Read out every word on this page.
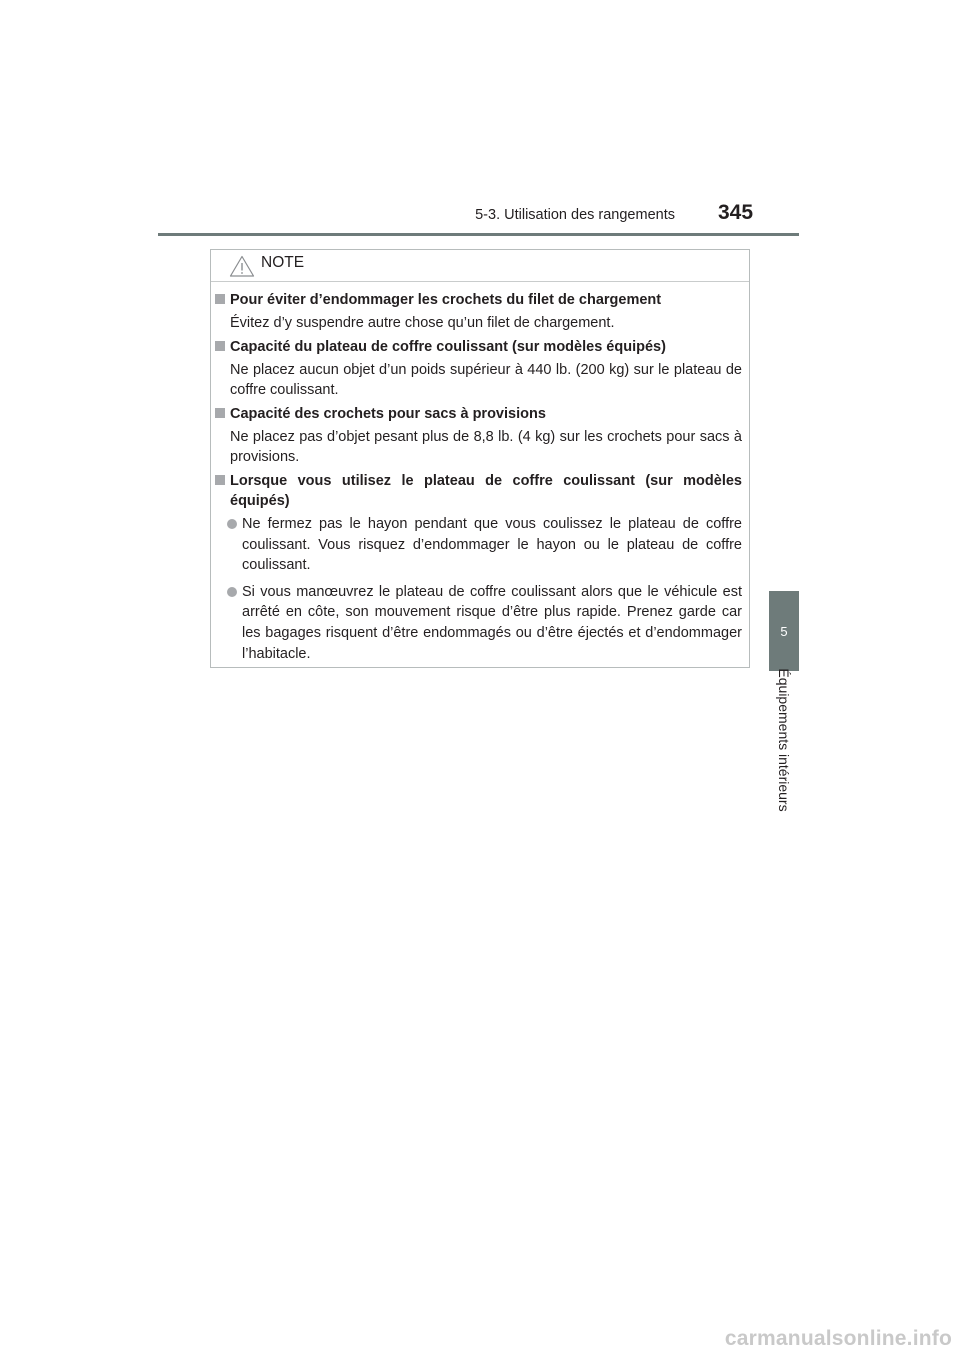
5-3. Utilisation des rangements 345
5
Équipements intérieurs
NOTE
Pour éviter d’endommager les crochets du filet de chargement
Évitez d’y suspendre autre chose qu’un filet de chargement.
Capacité du plateau de coffre coulissant (sur modèles équipés)
Ne placez aucun objet d’un poids supérieur à 440 lb. (200 kg) sur le plateau de coffre coulissant.
Capacité des crochets pour sacs à provisions
Ne placez pas d’objet pesant plus de 8,8 lb. (4 kg) sur les crochets pour sacs à provisions.
Lorsque vous utilisez le plateau de coffre coulissant (sur modèles équipés)
Ne fermez pas le hayon pendant que vous coulissez le plateau de coffre coulissant. Vous risquez d’endommager le hayon ou le plateau de coffre coulissant.
Si vous manœuvrez le plateau de coffre coulissant alors que le véhicule est arrêté en côte, son mouvement risque d’être plus rapide. Prenez garde car les bagages risquent d’être endommagés ou d’être éjectés et d’endommager l’habitacle.
carmanualsonline.info
